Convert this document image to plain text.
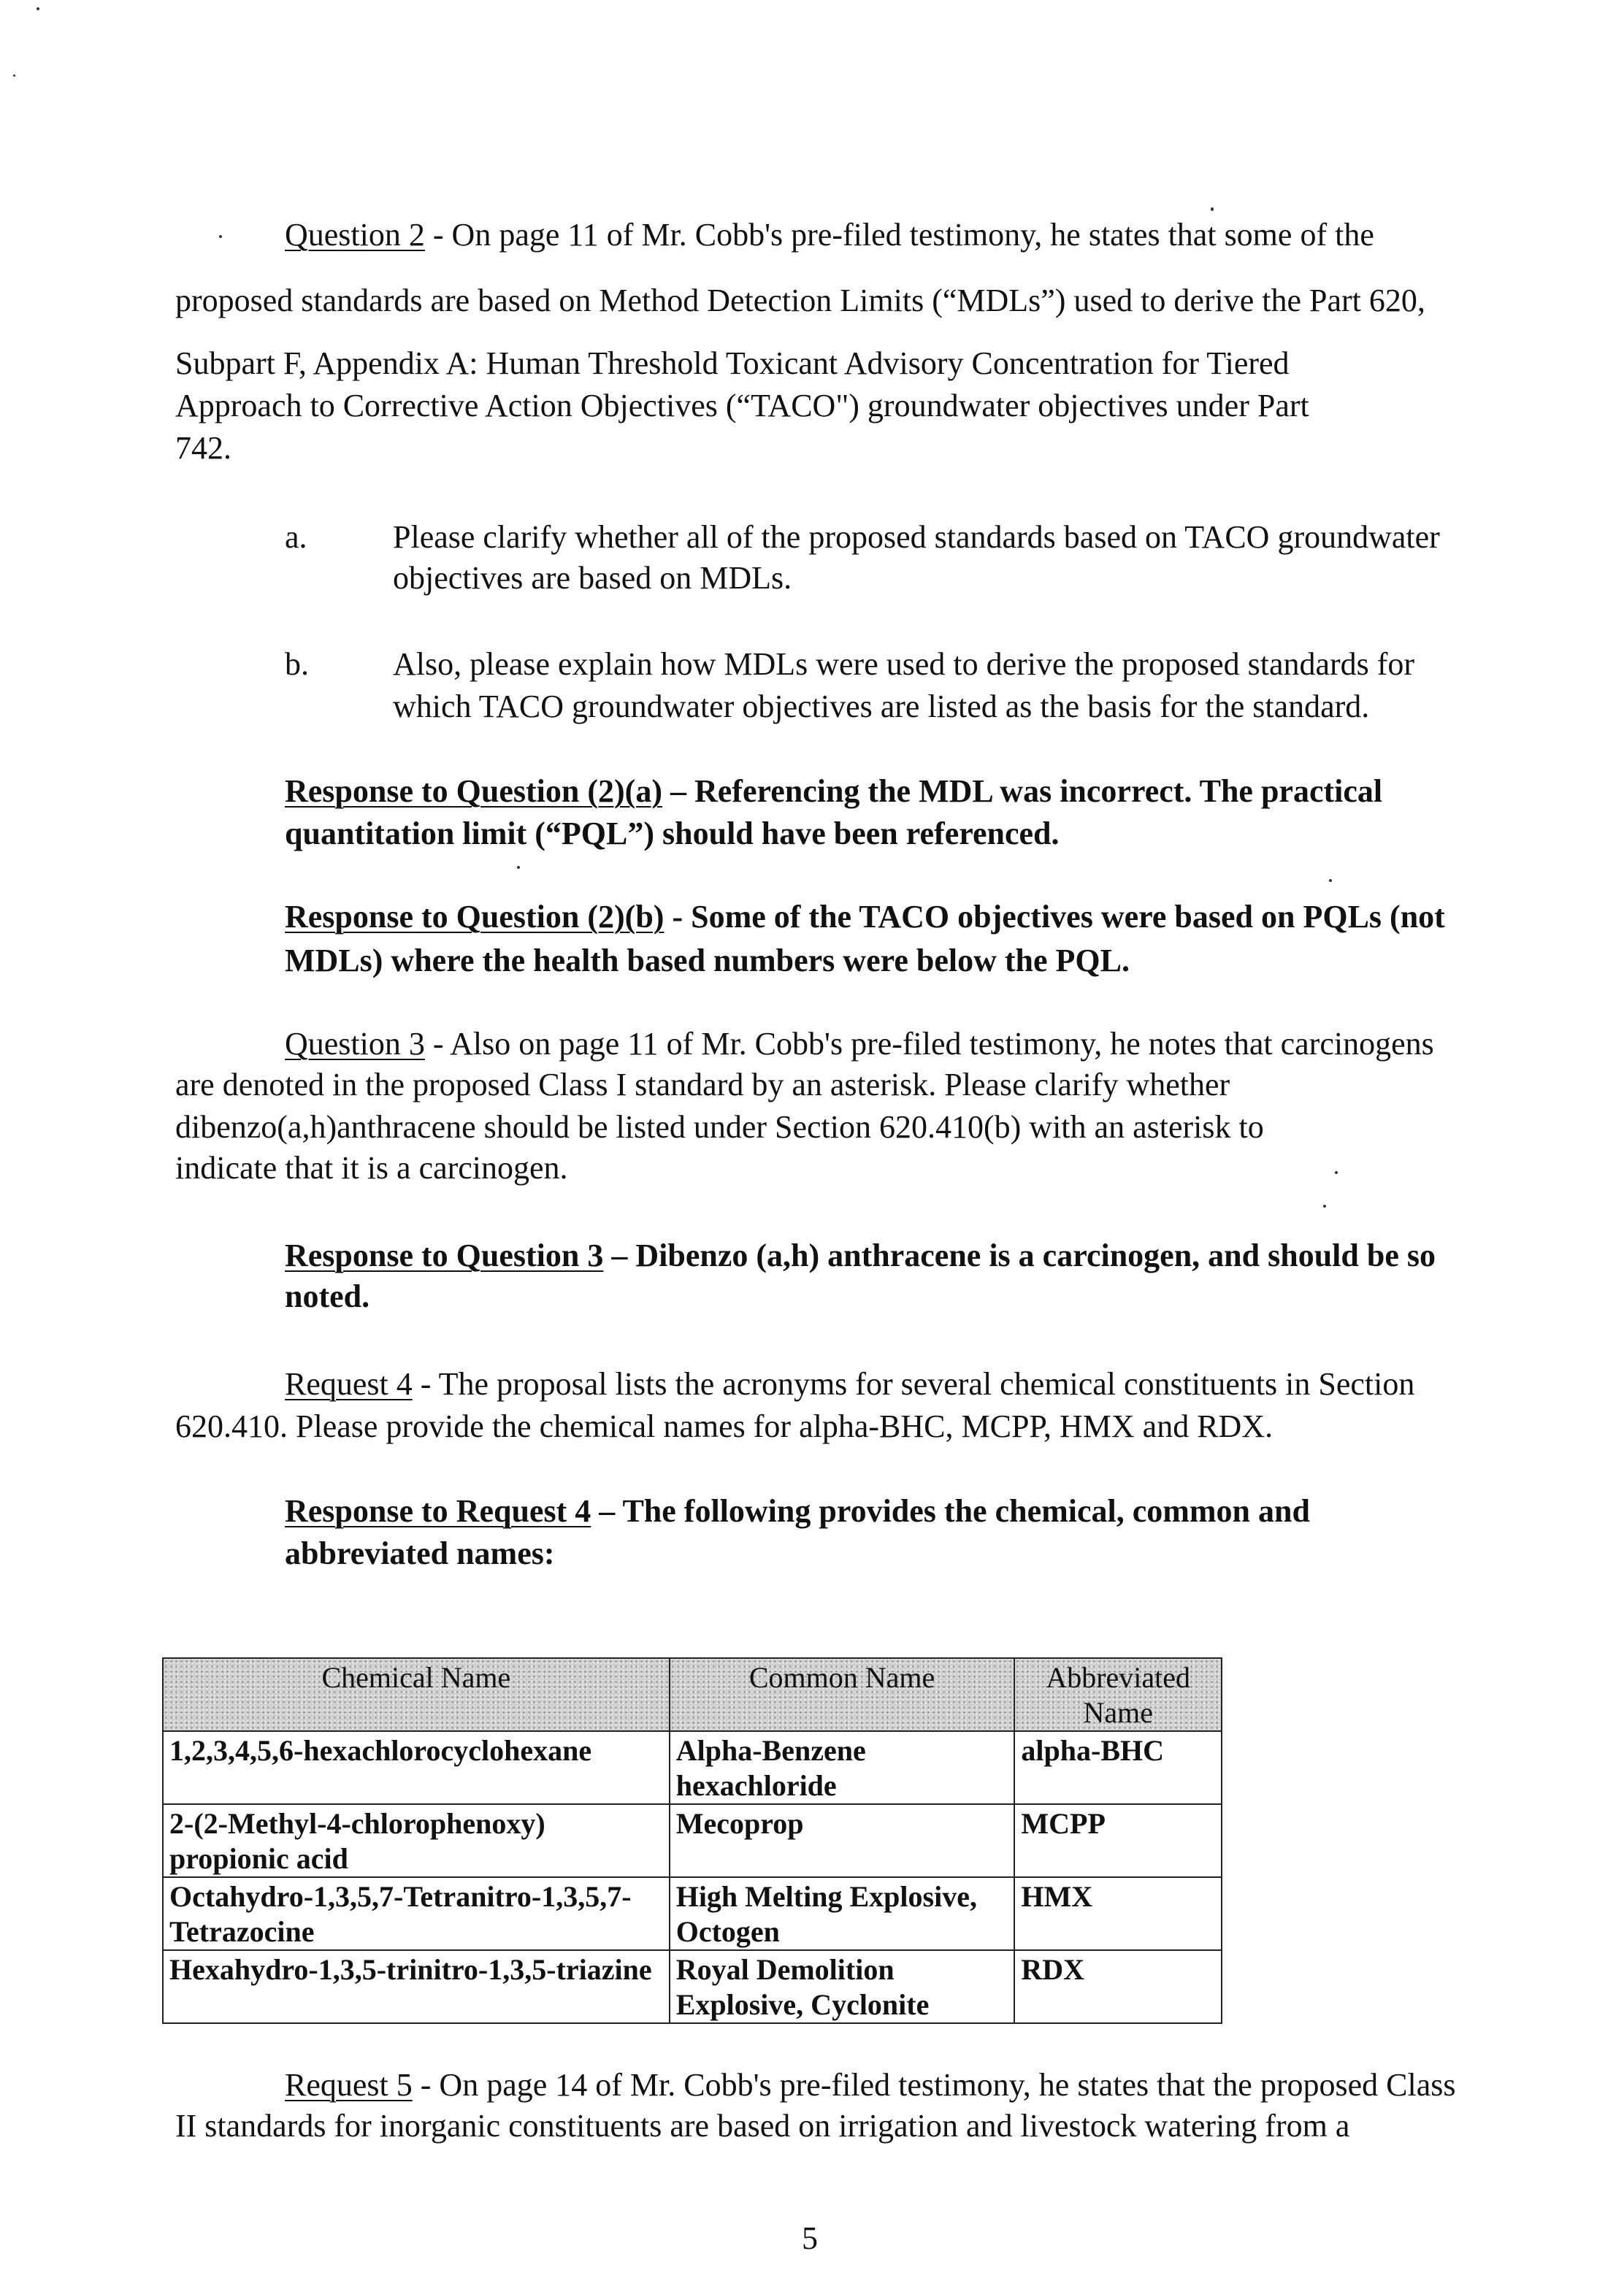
Question 2 - On page 11 of Mr. Cobb's pre-filed testimony, he states that some of the
proposed standards are based on Method Detection Limits (“MDLs”) used to derive the Part 620,
Subpart F, Appendix A: Human Threshold Toxicant Advisory Concentration for Tiered
Approach to Corrective Action Objectives (“TACO") groundwater objectives under Part
742.
a.	Please clarify whether all of the proposed standards based on TACO groundwater
objectives are based on MDLs.
b.	Also, please explain how MDLs were used to derive the proposed standards for
which TACO groundwater objectives are listed as the basis for the standard.
Response to Question (2)(a) – Referencing the MDL was incorrect. The practical
quantitation limit (“PQL”) should have been referenced.
Response to Question (2)(b) - Some of the TACO objectives were based on PQLs (not
MDLs) where the health based numbers were below the PQL.
Question 3 - Also on page 11 of Mr. Cobb's pre-filed testimony, he notes that carcinogens
are denoted in the proposed Class I standard by an asterisk. Please clarify whether
dibenzo(a,h)anthracene should be listed under Section 620.410(b) with an asterisk to
indicate that it is a carcinogen.
Response to Question 3 – Dibenzo (a,h) anthracene is a carcinogen, and should be so
noted.
Request 4 - The proposal lists the acronyms for several chemical constituents in Section
620.410. Please provide the chemical names for alpha-BHC, MCPP, HMX and RDX.
Response to Request 4 – The following provides the chemical, common and
abbreviated names:
Chemical Name	Common Name	Abbreviated Name
1,2,3,4,5,6-hexachlorocyclohexane	Alpha-Benzene hexachloride	alpha-BHC
2-(2-Methyl-4-chlorophenoxy) propionic acid	Mecoprop	MCPP
Octahydro-1,3,5,7-Tetranitro-1,3,5,7-Tetrazocine	High Melting Explosive, Octogen	HMX
Hexahydro-1,3,5-trinitro-1,3,5-triazine	Royal Demolition Explosive, Cyclonite	RDX
Request 5 - On page 14 of Mr. Cobb's pre-filed testimony, he states that the proposed Class
II standards for inorganic constituents are based on irrigation and livestock watering from a
5
